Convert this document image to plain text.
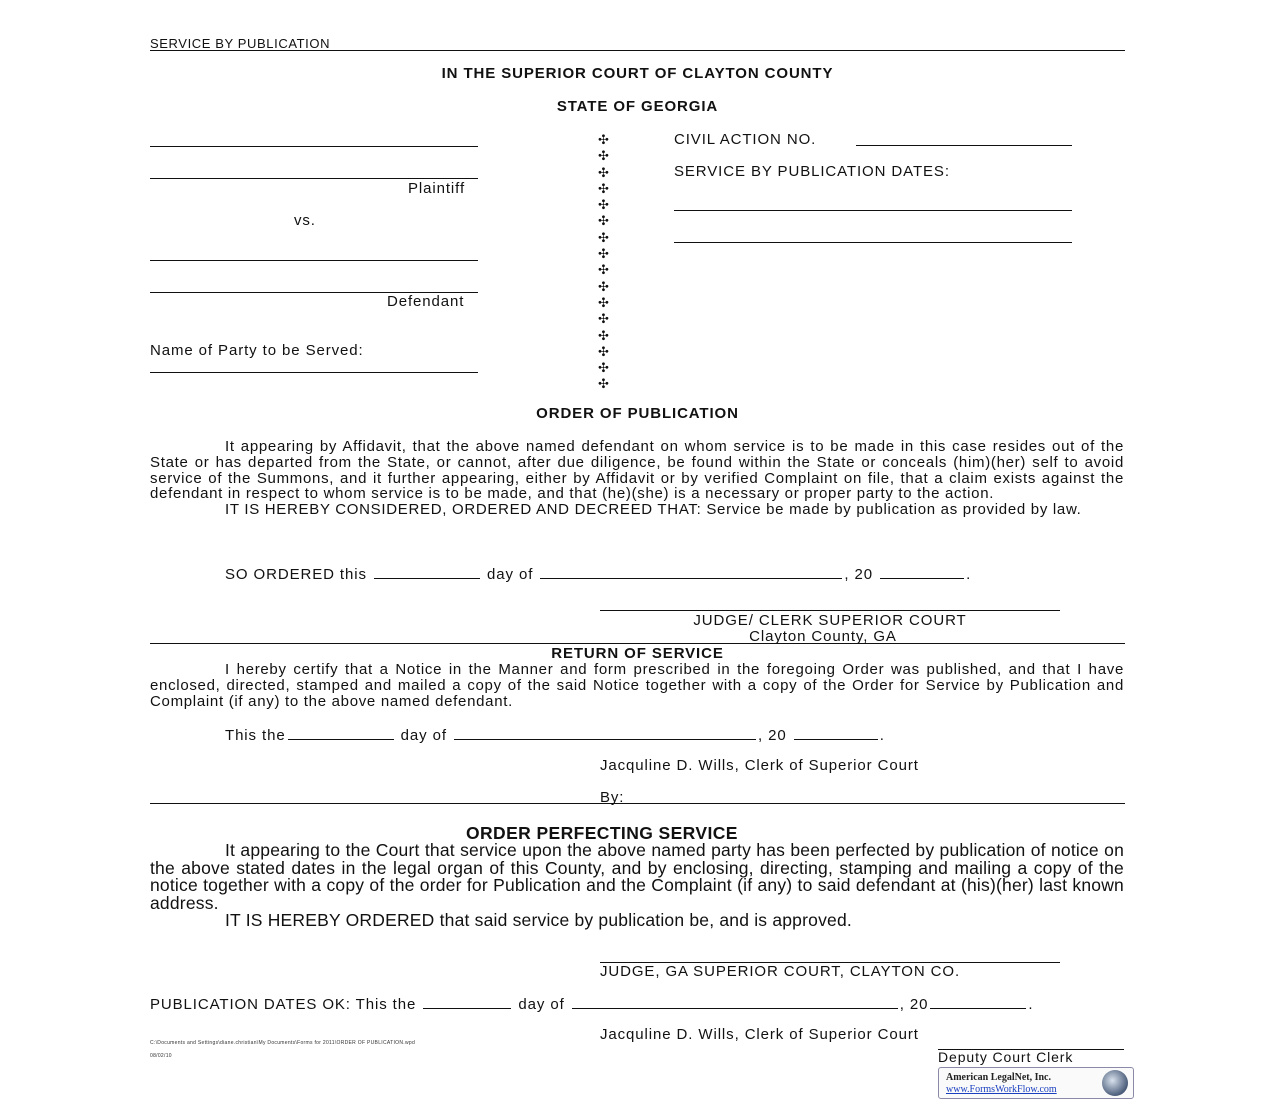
SERVICE BY PUBLICATION
IN THE SUPERIOR COURT OF CLAYTON COUNTY
STATE OF GEORGIA
Plaintiff
vs.
Defendant
Name of Party to be Served:
✣
✣
✣
✣
✣
✣
✣
✣
✣
✣
✣
✣
✣
✣
✣
✣
CIVIL ACTION NO.
SERVICE BY PUBLICATION DATES:
ORDER OF PUBLICATION
It appearing by Affidavit, that the above named defendant on whom service is to be made in this case resides out of the State or has departed from the State, or cannot, after due diligence, be found within the State or conceals (him)(her) self to avoid service of the Summons, and it further appearing, either by Affidavit or by verified Complaint on file, that a claim exists against the defendant in respect to whom service is to be made, and that (he)(she) is a necessary or proper party to the action.
IT IS HEREBY CONSIDERED, ORDERED AND DECREED THAT: Service be made by publication as provided by law.
SO ORDERED this	day of	, 20	.
JUDGE/ CLERK SUPERIOR COURT
Clayton County, GA
RETURN OF SERVICE
I hereby certify that a Notice in the Manner and form prescribed in the foregoing Order was published, and that I have enclosed, directed, stamped and mailed a copy of the said Notice together with a copy of the Order for Service by Publication and Complaint (if any) to the above named defendant.
This the	day of	, 20	.
Jacquline D. Wills, Clerk of Superior Court
By:
ORDER PERFECTING SERVICE
It appearing to the Court that service upon the above named party has been perfected by publication of notice on the above stated dates in the legal organ of this County, and by enclosing, directing, stamping and mailing a copy of the notice together with a copy of the order for Publication and the Complaint (if any) to said defendant at (his)(her) last known address.
IT IS HEREBY ORDERED that said service by publication be, and is approved.
JUDGE, GA SUPERIOR COURT, CLAYTON CO.
PUBLICATION DATES OK: This the	day of	, 20	.
Jacquline D. Wills, Clerk of Superior Court
Deputy Court Clerk
C:\Documents and Settings\diane.christian\My Documents\Forms for 2011\ORDER OF PUBLICATION.wpd
08/02/10
American LegalNet, Inc.
www.FormsWorkFlow.com
